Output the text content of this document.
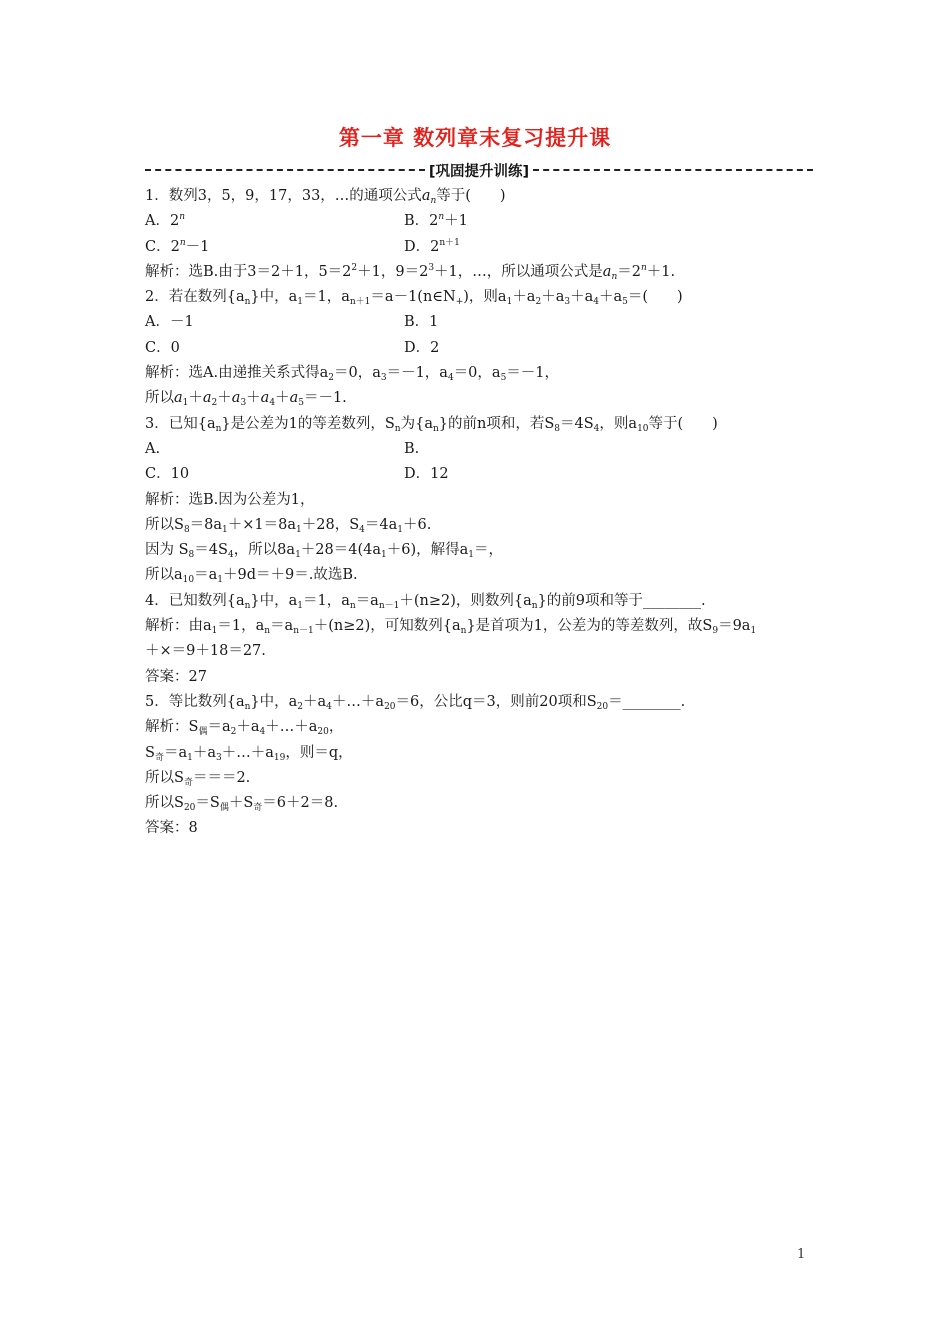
第一章 数列章末复习提升课
[巩固提升训练]
1．数列3，5，9，17，33，…的通项公式$a_n$等于(　　)
A．2$^n$	B．$2^n+1$
C．$2^n-1$	D．$2^{n+1}$
解析：选B.由于3＝2＋1，$5=2^2+1$，$9=2^3+1$，…，所以通项公式是$a_n=2^n+1$.
2．若在数列$\{a_n\}$中，$a_1=1$，$a_{n+1}=a-1(n\in N_+)$，则$a_1+a_2+a_3+a_4+a_5=$(　　)
A．－1	B．1
C．0	D．2
解析：选A.由递推关系式得$a_2=0$，$a_3=-1$，$a_4=0$，$a_5=-1$，
所以$a_1+a_2+a_3+a_4+a_5=-1$.
3．已知$\{a_n\}$是公差为1的等差数列，$S_n$为$\{a_n\}$的前n项和，若$S_8=4S_4$，则$a_{10}$等于(　　)
A.	B.
C．10	D．12
解析：选B.因为公差为1，
所以$S_8=8a_1+\times 1=8a_1+28$，$S_4=4a_1+6$.
因为 $S_8=4S_4$，所以$8a_1+28=4(4a_1+6)$，解得$a_1=$，
所以$a_{10}=a_1+9d=+9=$.故选B.
4．已知数列$\{a_n\}$中，$a_1=1$，$a_n=a_{n-1}+(n\ge 2)$，则数列$\{a_n\}$的前9项和等于________.
解析：由$a_1=1$，$a_n=a_{n-1}+(n\ge 2)$，可知数列$\{a_n\}$是首项为1，公差为的等差数列，故$S_9=9a_1$
＋×＝9＋18＝27.
答案：27
5．等比数列$\{a_n\}$中，$a_2+a_4+\dots+a_{20}=6$，公比q＝3，则前20项和$S_{20}=\_\_\_\_\_\_\_\_$.
解析：$S_偶=a_2+a_4+\dots+a_{20}$，
$S_奇=a_1+a_3+\dots+a_{19}$，则＝q，
所以$S_奇===2$.
所以$S_{20}=S_偶+S_奇=6+2=8$.
答案：8
1
